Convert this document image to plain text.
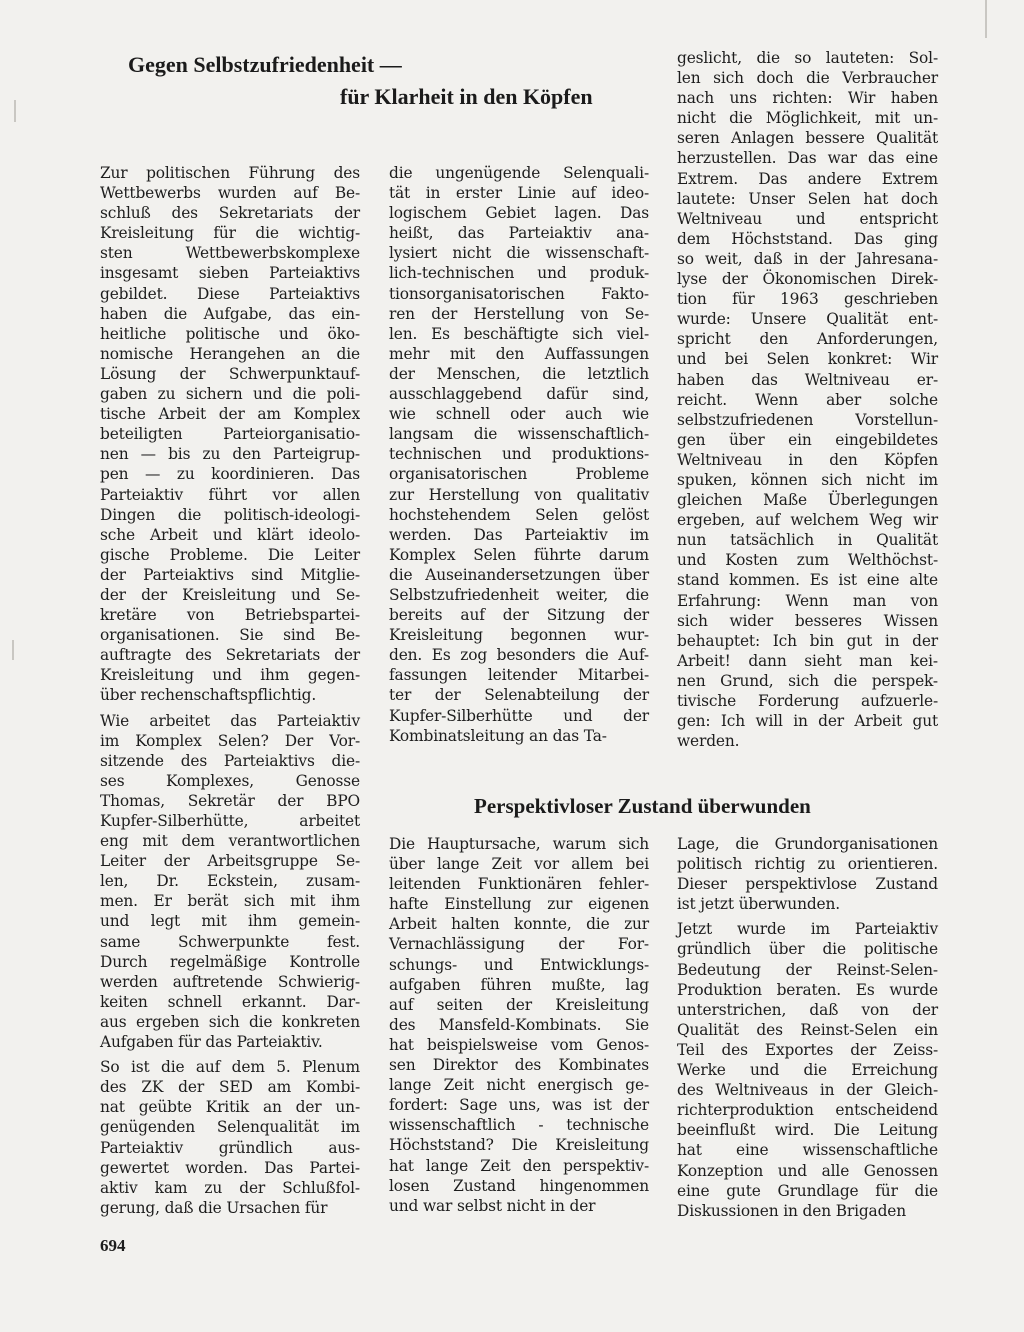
Gegen Selbstzufriedenheit —
für Klarheit in den Köpfen
Perspektivloser Zustand überwunden
Zur politischen Führung des
Wettbewerbs wurden auf Be-
schluß des Sekretariats der
Kreisleitung für die wichtig-
sten Wettbewerbskomplexe
insgesamt sieben Parteiaktivs
gebildet. Diese Parteiaktivs
haben die Aufgabe, das ein-
heitliche politische und öko-
nomische Herangehen an die
Lösung der Schwerpunktauf-
gaben zu sichern und die poli-
tische Arbeit der am Komplex
beteiligten Parteiorganisatio-
nen — bis zu den Parteigrup-
pen — zu koordinieren. Das
Parteiaktiv führt vor allen
Dingen die politisch-ideologi-
sche Arbeit und klärt ideolo-
gische Probleme. Die Leiter
der Parteiaktivs sind Mitglie-
der der Kreisleitung und Se-
kretäre von Betriebspartei-
organisationen. Sie sind Be-
auftragte des Sekretariats der
Kreisleitung und ihm gegen-
über rechenschaftspflichtig.
Wie arbeitet das Parteiaktiv
im Komplex Selen? Der Vor-
sitzende des Parteiaktivs die-
ses Komplexes, Genosse
Thomas, Sekretär der BPO
Kupfer-Silberhütte, arbeitet
eng mit dem verantwortlichen
Leiter der Arbeitsgruppe Se-
len, Dr. Eckstein, zusam-
men. Er berät sich mit ihm
und legt mit ihm gemein-
same Schwerpunkte fest.
Durch regelmäßige Kontrolle
werden auftretende Schwierig-
keiten schnell erkannt. Dar-
aus ergeben sich die konkreten
Aufgaben für das Parteiaktiv.
So ist die auf dem 5. Plenum
des ZK der SED am Kombi-
nat geübte Kritik an der un-
genügenden Selenqualität im
Parteiaktiv gründlich aus-
gewertet worden. Das Partei-
aktiv kam zu der Schlußfol-
gerung, daß die Ursachen für
die ungenügende Selenquali-
tät in erster Linie auf ideo-
logischem Gebiet lagen. Das
heißt, das Parteiaktiv ana-
lysiert nicht die wissenschaft-
lich-technischen und produk-
tionsorganisatorischen Fakto-
ren der Herstellung von Se-
len. Es beschäftigte sich viel-
mehr mit den Auffassungen
der Menschen, die letztlich
ausschlaggebend dafür sind,
wie schnell oder auch wie
langsam die wissenschaftlich-
technischen und produktions-
organisatorischen Probleme
zur Herstellung von qualitativ
hochstehendem Selen gelöst
werden. Das Parteiaktiv im
Komplex Selen führte darum
die Auseinandersetzungen über
Selbstzufriedenheit weiter, die
bereits auf der Sitzung der
Kreisleitung begonnen wur-
den. Es zog besonders die Auf-
fassungen leitender Mitarbei-
ter der Selenabteilung der
Kupfer-Silberhütte und der
Kombinatsleitung an das Ta-
geslicht, die so lauteten: Sol-
len sich doch die Verbraucher
nach uns richten: Wir haben
nicht die Möglichkeit, mit un-
seren Anlagen bessere Qualität
herzustellen. Das war das eine
Extrem. Das andere Extrem
lautete: Unser Selen hat doch
Weltniveau und entspricht
dem Höchststand. Das ging
so weit, daß in der Jahresana-
lyse der Ökonomischen Direk-
tion für 1963 geschrieben
wurde: Unsere Qualität ent-
spricht den Anforderungen,
und bei Selen konkret: Wir
haben das Weltniveau er-
reicht. Wenn aber solche
selbstzufriedenen Vorstellun-
gen über ein eingebildetes
Weltniveau in den Köpfen
spuken, können sich nicht im
gleichen Maße Überlegungen
ergeben, auf welchem Weg wir
nun tatsächlich in Qualität
und Kosten zum Welthöchst-
stand kommen. Es ist eine alte
Erfahrung: Wenn man von
sich wider besseres Wissen
behauptet: Ich bin gut in der
Arbeit! dann sieht man kei-
nen Grund, sich die perspek-
tivische Forderung aufzuerle-
gen: Ich will in der Arbeit gut
werden.
Die Hauptursache, warum sich
über lange Zeit vor allem bei
leitenden Funktionären fehler-
hafte Einstellung zur eigenen
Arbeit halten konnte, die zur
Vernachlässigung der For-
schungs- und Entwicklungs-
aufgaben führen mußte, lag
auf seiten der Kreisleitung
des Mansfeld-Kombinats. Sie
hat beispielsweise vom Genos-
sen Direktor des Kombinates
lange Zeit nicht energisch ge-
fordert: Sage uns, was ist der
wissenschaftlich - technische
Höchststand? Die Kreisleitung
hat lange Zeit den perspektiv-
losen Zustand hingenommen
und war selbst nicht in der
Lage, die Grundorganisationen
politisch richtig zu orientieren.
Dieser perspektivlose Zustand
ist jetzt überwunden.
Jetzt wurde im Parteiaktiv
gründlich über die politische
Bedeutung der Reinst-Selen-
Produktion beraten. Es wurde
unterstrichen, daß von der
Qualität des Reinst-Selen ein
Teil des Exportes der Zeiss-
Werke und die Erreichung
des Weltniveaus in der Gleich-
richterproduktion entscheidend
beeinflußt wird. Die Leitung
hat eine wissenschaftliche
Konzeption und alle Genossen
eine gute Grundlage für die
Diskussionen in den Brigaden

694
